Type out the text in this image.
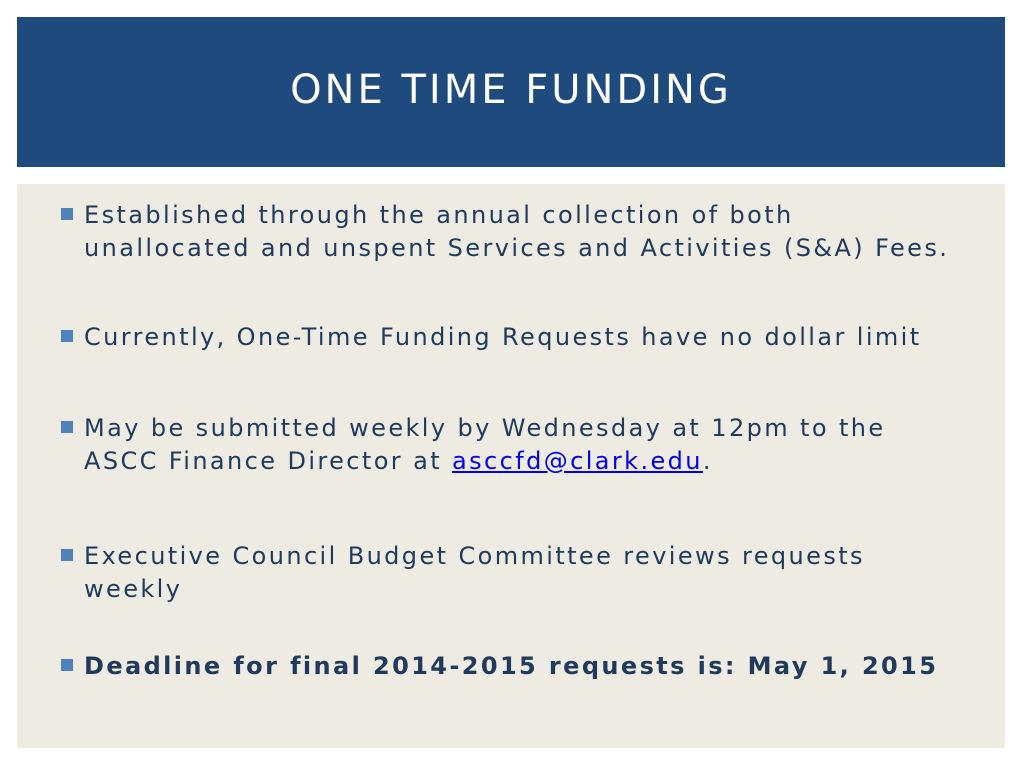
ONE TIME FUNDING
Established through the annual collection of both unallocated and unspent Services and Activities (S&A) Fees.
Currently, One-Time Funding Requests have no dollar limit
May be submitted weekly by Wednesday at 12pm to the ASCC Finance Director at asccfd@clark.edu.
Executive Council Budget Committee reviews requests weekly
Deadline for final 2014-2015 requests is: May 1, 2015
